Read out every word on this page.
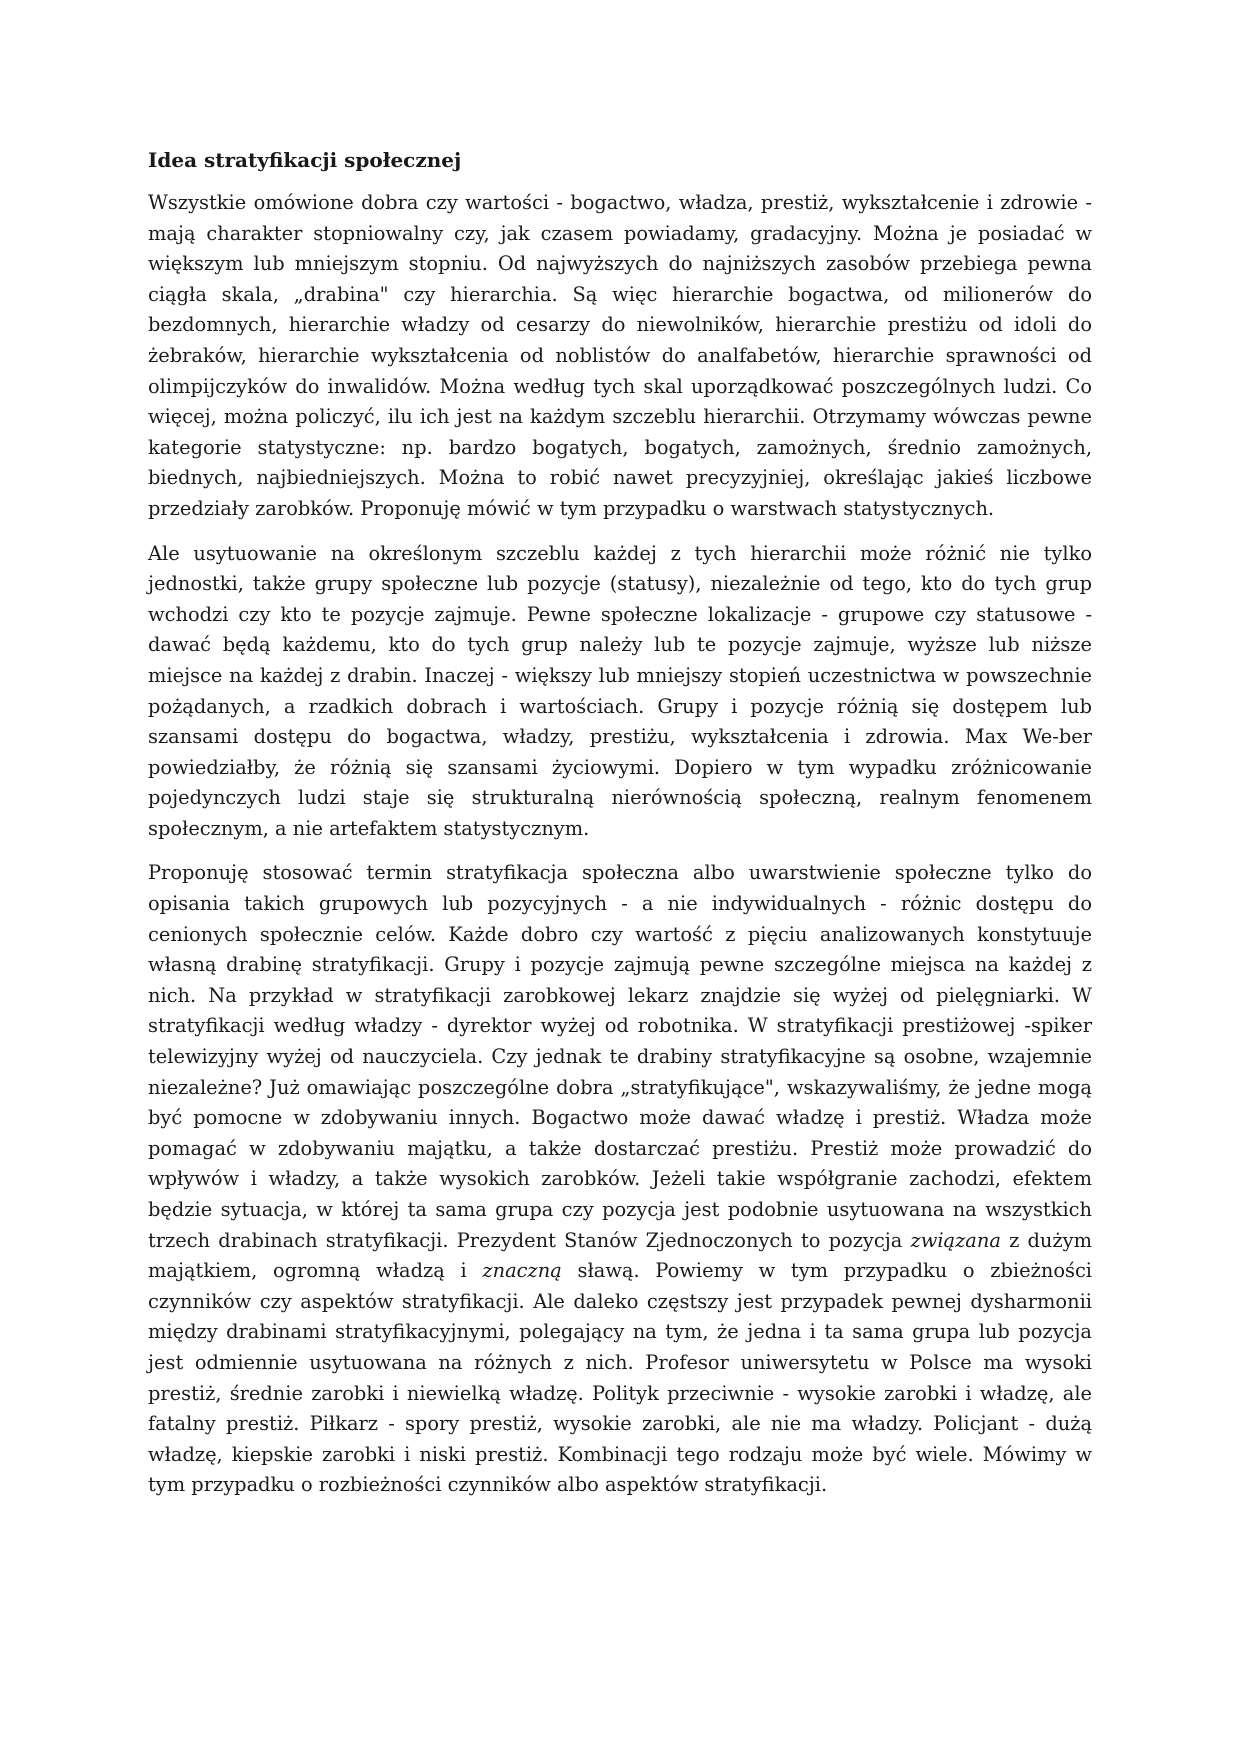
Idea stratyfikacji społecznej

Wszystkie omówione dobra czy wartości - bogactwo, władza, prestiż, wykształcenie i zdrowie - mają charakter stopniowalny czy, jak czasem powiadamy, gradacyjny. Można je posiadać w większym lub mniejszym stopniu. Od najwyższych do najniższych zasobów przebiega pewna ciągła skala, „drabina" czy hierarchia. Są więc hierarchie bogactwa, od milionerów do bezdomnych, hierarchie władzy od cesarzy do niewolników, hierarchie prestiżu od idoli do żebraków, hierarchie wykształcenia od noblistów do analfabetów, hierarchie sprawności od olimpijczyków do inwalidów. Można według tych skal uporządkować poszczególnych ludzi. Co więcej, można policzyć, ilu ich jest na każdym szczeblu hierarchii. Otrzymamy wówczas pewne kategorie statystyczne: np. bardzo bogatych, bogatych, zamożnych, średnio zamożnych, biednych, najbiedniejszych. Można to robić nawet precyzyjniej, określając jakieś liczbowe przedziały zarobków. Proponuję mówić w tym przypadku o warstwach statystycznych.

Ale usytuowanie na określonym szczeblu każdej z tych hierarchii może różnić nie tylko jednostki, także grupy społeczne lub pozycje (statusy), niezależnie od tego, kto do tych grup wchodzi czy kto te pozycje zajmuje. Pewne społeczne lokalizacje - grupowe czy statusowe - dawać będą każdemu, kto do tych grup należy lub te pozycje zajmuje, wyższe lub niższe miejsce na każdej z drabin. Inaczej - większy lub mniejszy stopień uczestnictwa w powszechnie pożądanych, a rzadkich dobrach i wartościach. Grupy i pozycje różnią się dostępem lub szansami dostępu do bogactwa, władzy, prestiżu, wykształcenia i zdrowia. Max We-ber powiedziałby, że różnią się szansami życiowymi. Dopiero w tym wypadku zróżnicowanie pojedynczych ludzi staje się strukturalną nierównością społeczną, realnym fenomenem społecznym, a nie artefaktem statystycznym.

Proponuję stosować termin stratyfikacja społeczna albo uwarstwienie społeczne tylko do opisania takich grupowych lub pozycyjnych - a nie indywidualnych - różnic dostępu do cenionych społecznie celów. Każde dobro czy wartość z pięciu analizowanych konstytuuje własną drabinę stratyfikacji. Grupy i pozycje zajmują pewne szczególne miejsca na każdej z nich. Na przykład w stratyfikacji zarobkowej lekarz znajdzie się wyżej od pielęgniarki. W stratyfikacji według władzy - dyrektor wyżej od robotnika. W stratyfikacji prestiżowej -spiker telewizyjny wyżej od nauczyciela. Czy jednak te drabiny stratyfikacyjne są osobne, wzajemnie niezależne? Już omawiając poszczególne dobra „stratyfikujące", wskazywaliśmy, że jedne mogą być pomocne w zdobywaniu innych. Bogactwo może dawać władzę i prestiż. Władza może pomagać w zdobywaniu majątku, a także dostarczać prestiżu. Prestiż może prowadzić do wpływów i władzy, a także wysokich zarobków. Jeżeli takie współgranie zachodzi, efektem będzie sytuacja, w której ta sama grupa czy pozycja jest podobnie usytuowana na wszystkich trzech drabinach stratyfikacji. Prezydent Stanów Zjednoczonych to pozycja związana z dużym majątkiem, ogromną władzą i znaczną sławą. Powiemy w tym przypadku o zbieżności czynników czy aspektów stratyfikacji. Ale daleko częstszy jest przypadek pewnej dysharmonii między drabinami stratyfikacyjnymi, polegający na tym, że jedna i ta sama grupa lub pozycja jest odmiennie usytuowana na różnych z nich. Profesor uniwersytetu w Polsce ma wysoki prestiż, średnie zarobki i niewielką władzę. Polityk przeciwnie - wysokie zarobki i władzę, ale fatalny prestiż. Piłkarz - spory prestiż, wysokie zarobki, ale nie ma władzy. Policjant - dużą władzę, kiepskie zarobki i niski prestiż. Kombinacji tego rodzaju może być wiele. Mówimy w tym przypadku o rozbieżności czynników albo aspektów stratyfikacji.
